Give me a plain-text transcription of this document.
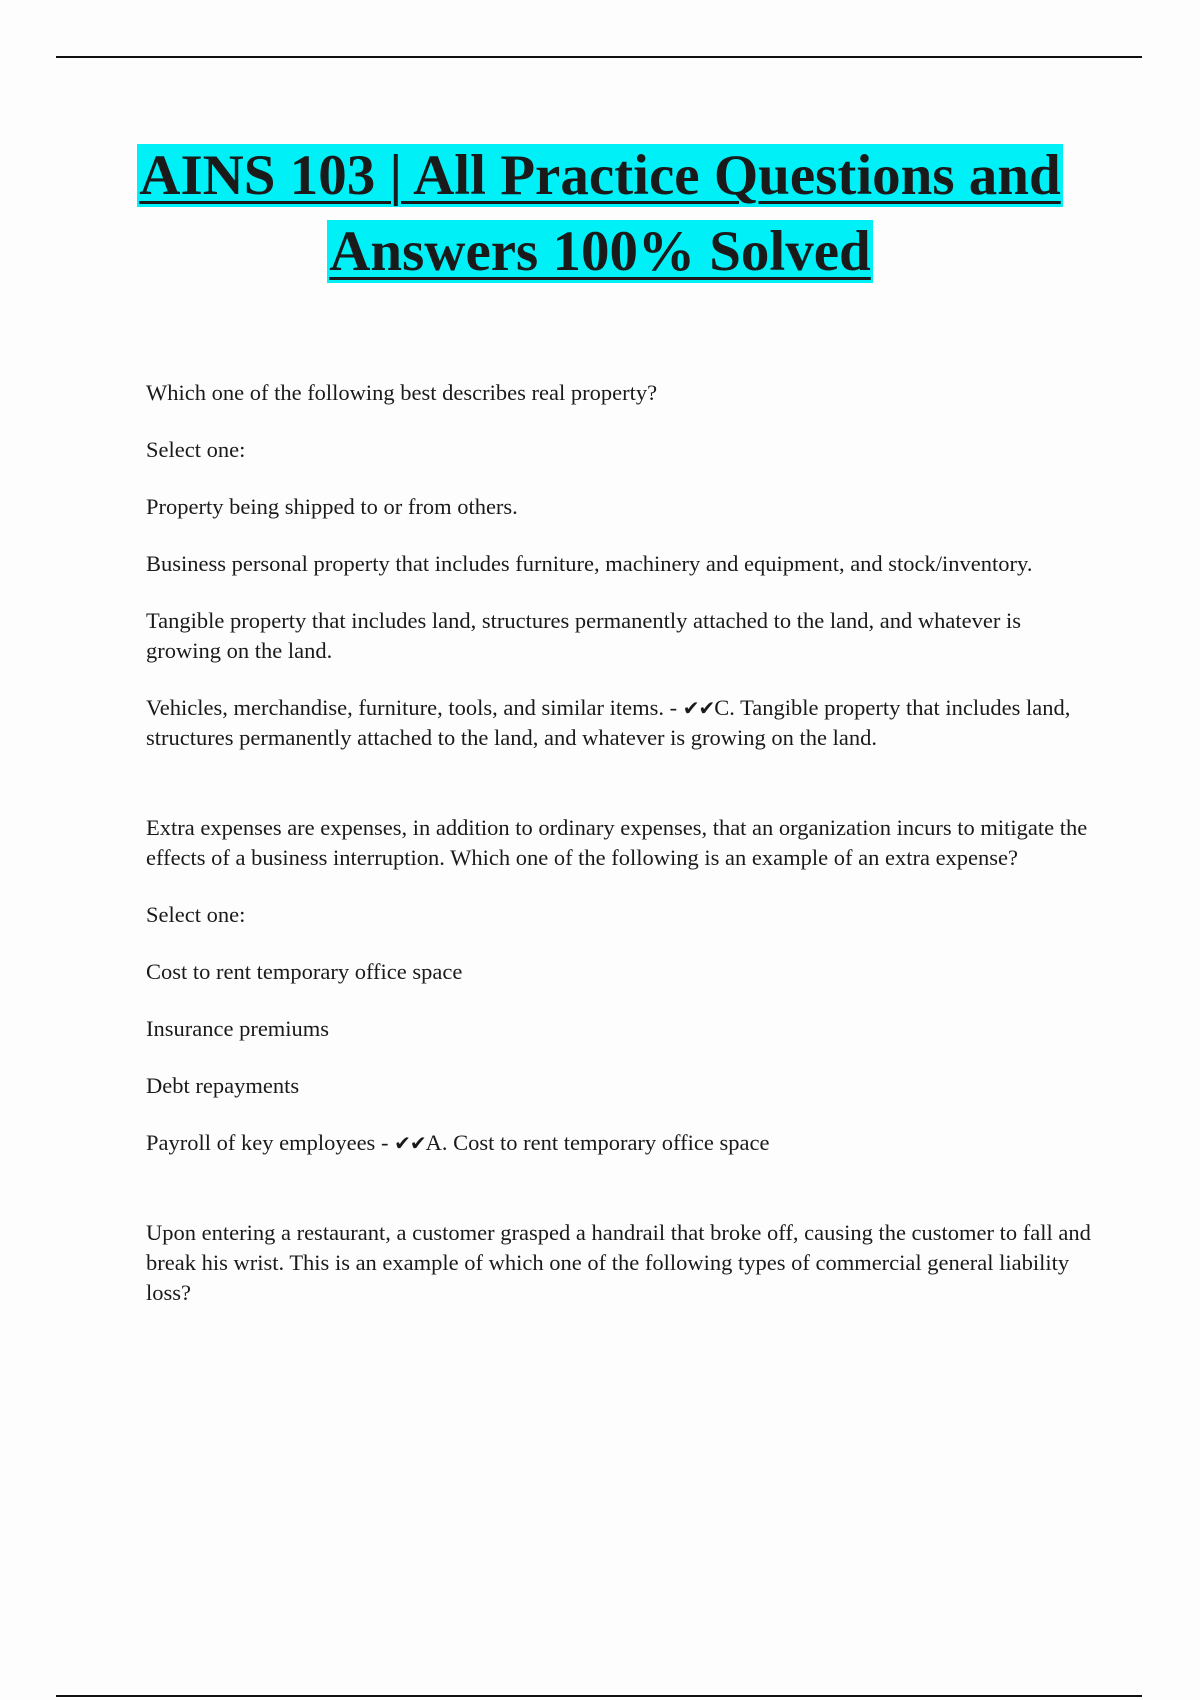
AINS 103 | All Practice Questions and Answers 100% Solved

Which one of the following best describes real property?

Select one:

Property being shipped to or from others.

Business personal property that includes furniture, machinery and equipment, and stock/inventory.

Tangible property that includes land, structures permanently attached to the land, and whatever is growing on the land.

Vehicles, merchandise, furniture, tools, and similar items. - ✔✔C. Tangible property that includes land, structures permanently attached to the land, and whatever is growing on the land.

Extra expenses are expenses, in addition to ordinary expenses, that an organization incurs to mitigate the effects of a business interruption. Which one of the following is an example of an extra expense?

Select one:

Cost to rent temporary office space

Insurance premiums

Debt repayments

Payroll of key employees - ✔✔A. Cost to rent temporary office space

Upon entering a restaurant, a customer grasped a handrail that broke off, causing the customer to fall and break his wrist. This is an example of which one of the following types of commercial general liability loss?
